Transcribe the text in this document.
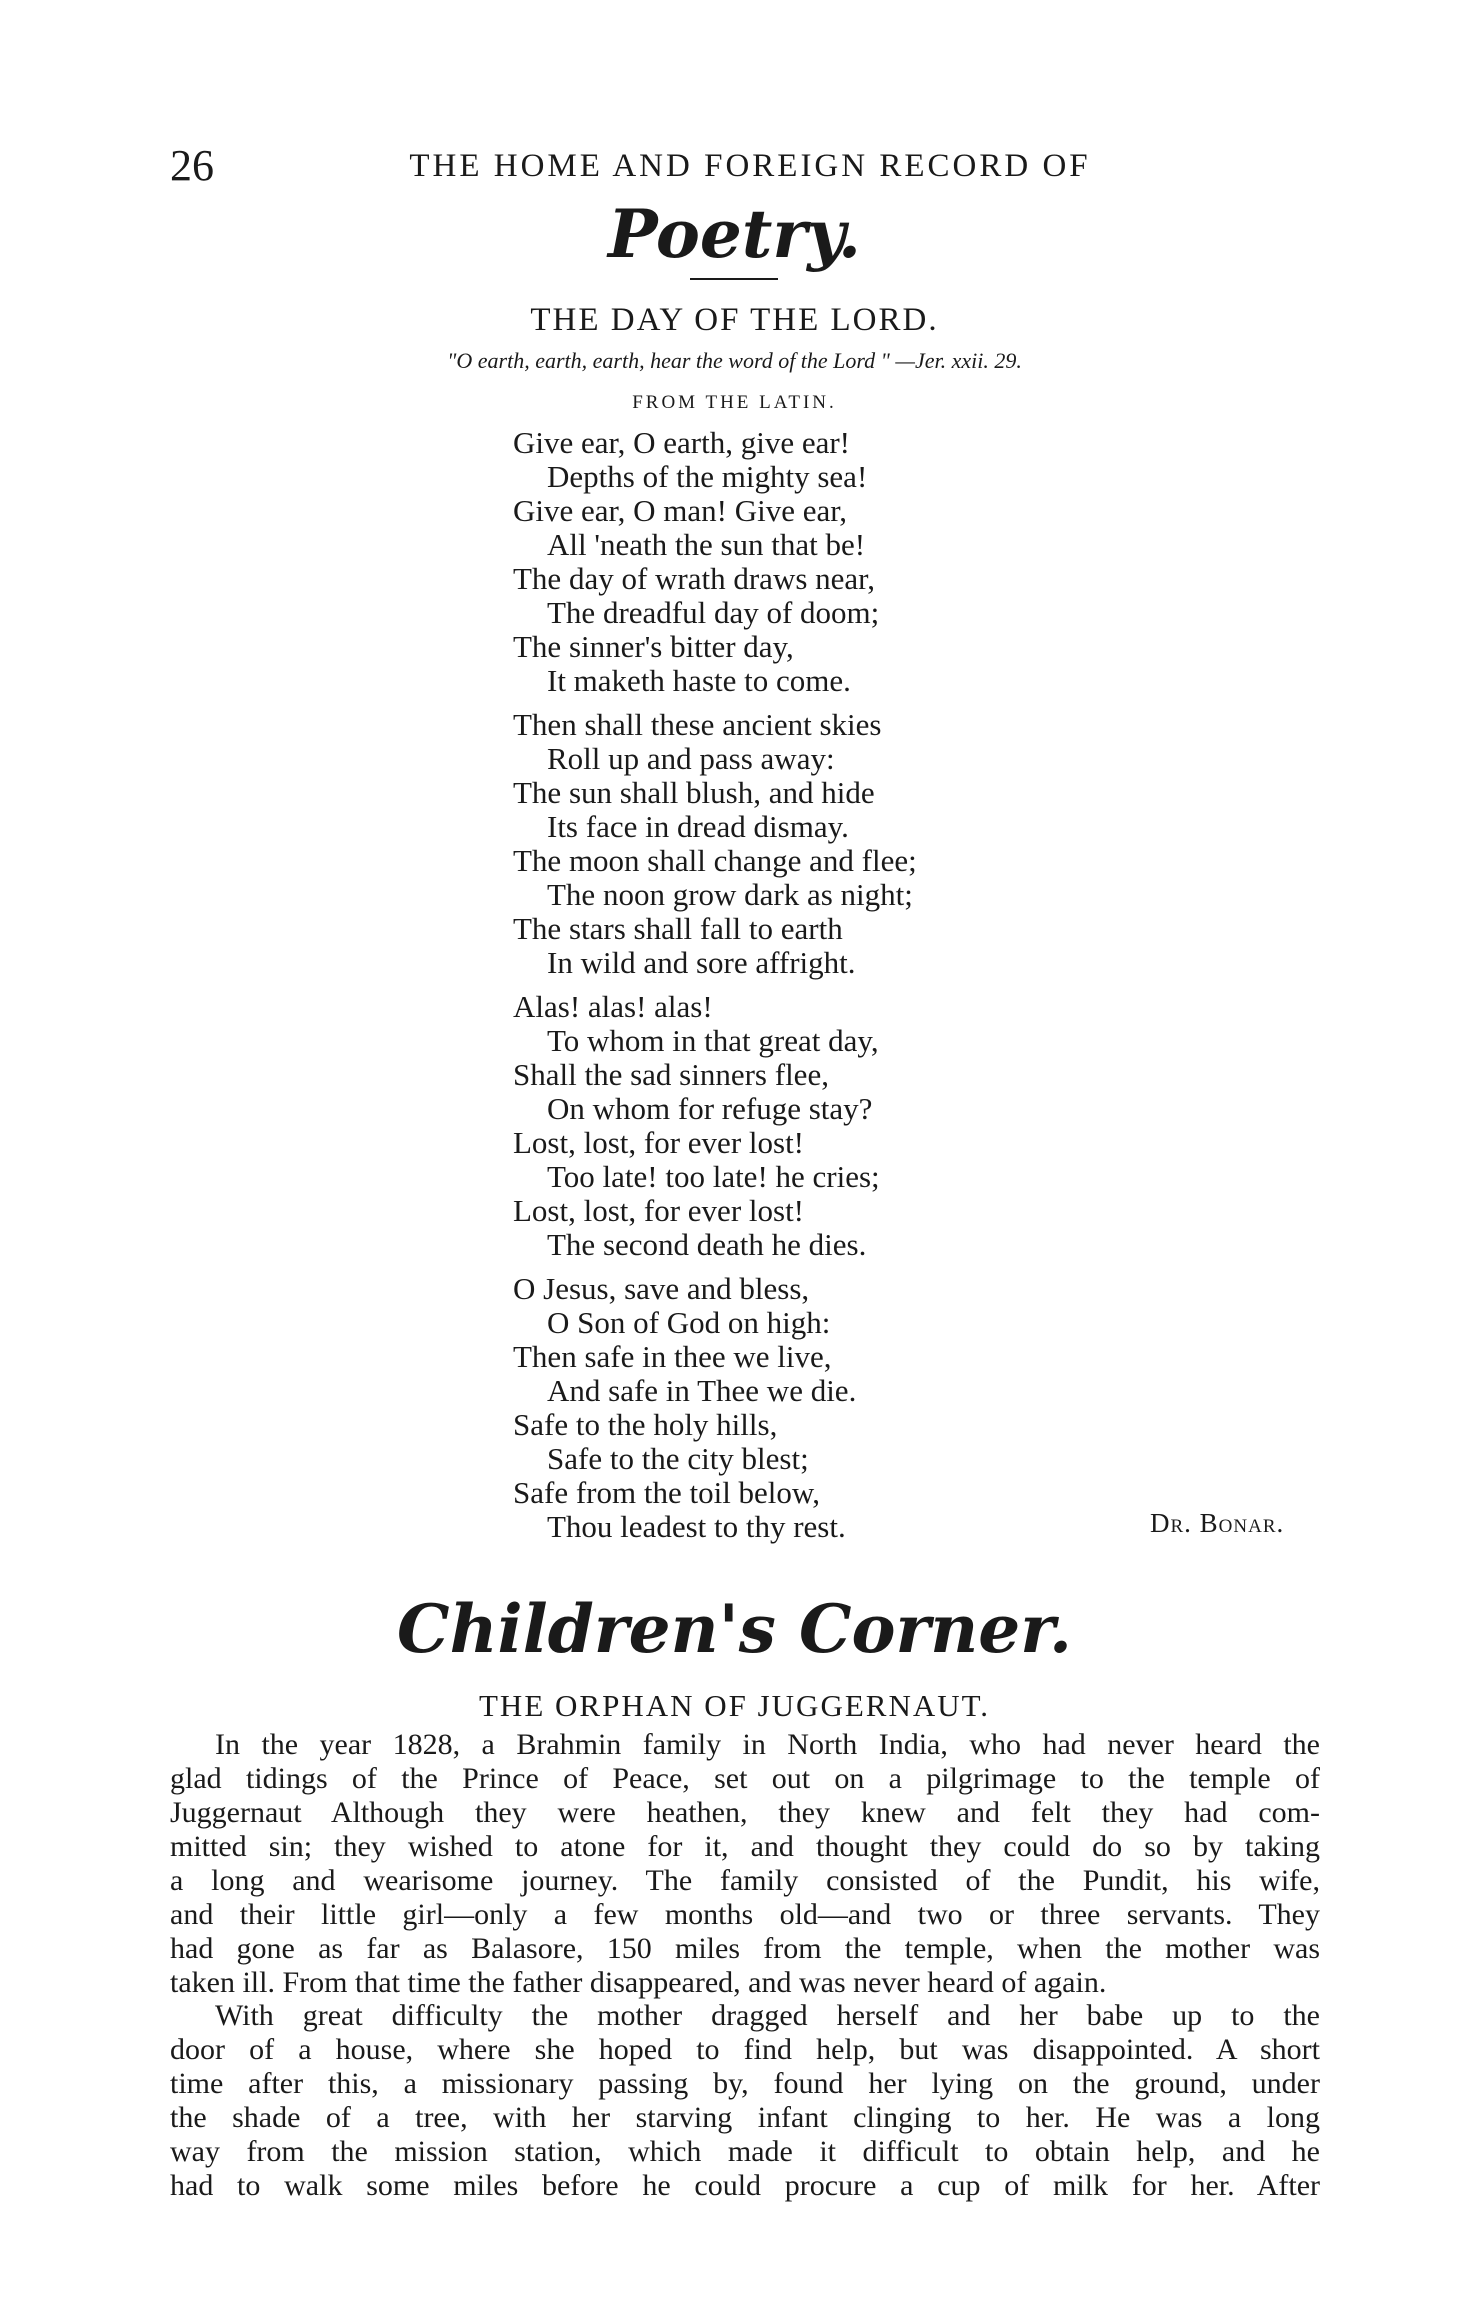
26	THE HOME AND FOREIGN RECORD OF
Poetry.
THE DAY OF THE LORD.
"O earth, earth, earth, hear the word of the Lord " —Jer. xxii. 29.
FROM THE LATIN.
Give ear, O earth, give ear!
Depths of the mighty sea!
Give ear, O man! Give ear,
All 'neath the sun that be!
The day of wrath draws near,
The dreadful day of doom;
The sinner's bitter day,
It maketh haste to come.
Then shall these ancient skies
Roll up and pass away:
The sun shall blush, and hide
Its face in dread dismay.
The moon shall change and flee;
The noon grow dark as night;
The stars shall fall to earth
In wild and sore affright.
Alas! alas! alas!
To whom in that great day,
Shall the sad sinners flee,
On whom for refuge stay?
Lost, lost, for ever lost!
Too late! too late! he cries;
Lost, lost, for ever lost!
The second death he dies.
O Jesus, save and bless,
O Son of God on high:
Then safe in thee we live,
And safe in Thee we die.
Safe to the holy hills,
Safe to the city blest;
Safe from the toil below,
Thou leadest to thy rest.	Dr. Bonar.
Children's Corner.
THE ORPHAN OF JUGGERNAUT.
In the year 1828, a Brahmin family in North India, who had never heard the
glad tidings of the Prince of Peace, set out on a pilgrimage to the temple of
Juggernaut Although they were heathen, they knew and felt they had com-
mitted sin; they wished to atone for it, and thought they could do so by taking
a long and wearisome journey. The family consisted of the Pundit, his wife,
and their little girl—only a few months old—and two or three servants. They
had gone as far as Balasore, 150 miles from the temple, when the mother was
taken ill. From that time the father disappeared, and was never heard of again.
With great difficulty the mother dragged herself and her babe up to the
door of a house, where she hoped to find help, but was disappointed. A short
time after this, a missionary passing by, found her lying on the ground, under
the shade of a tree, with her starving infant clinging to her. He was a long
way from the mission station, which made it difficult to obtain help, and he
had to walk some miles before he could procure a cup of milk for her. After
